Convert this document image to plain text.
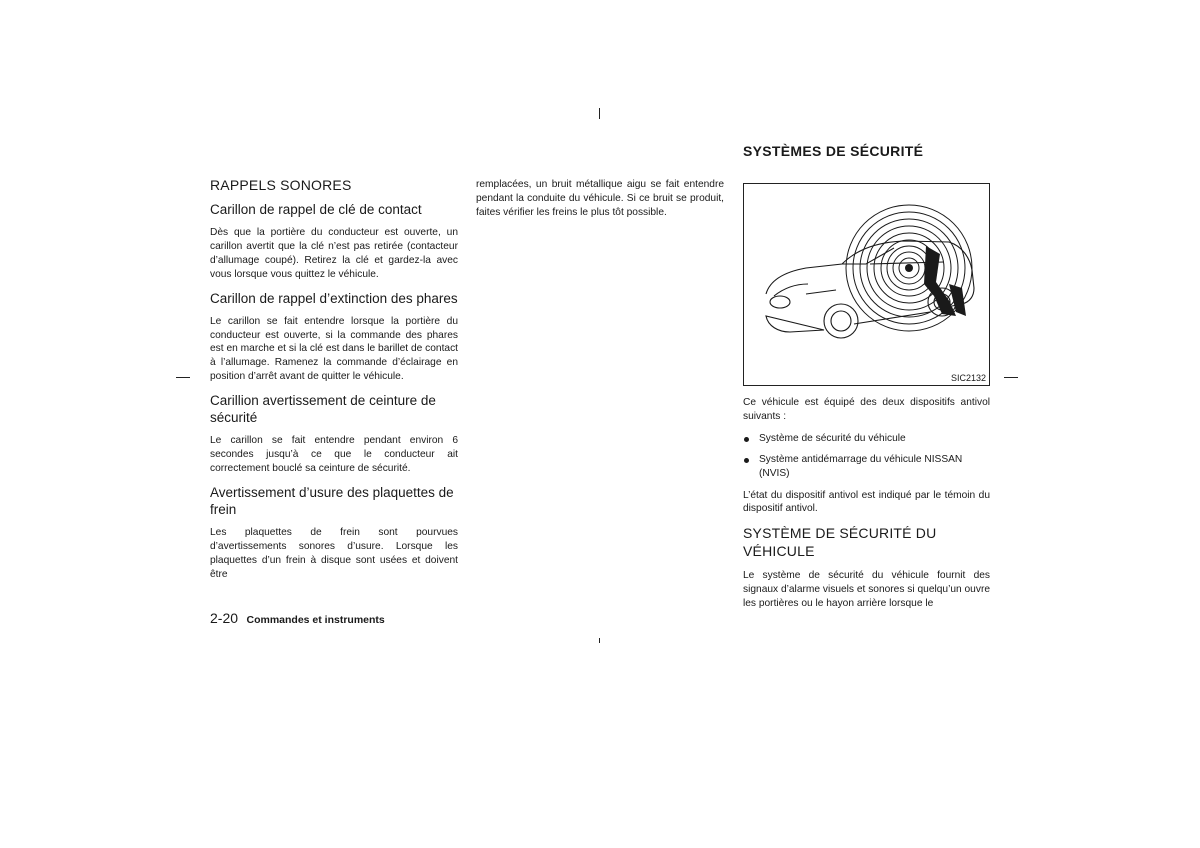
RAPPELS SONORES
Carillon de rappel de clé de contact

Dès que la portière du conducteur est ouverte, un carillon avertit que la clé n’est pas retirée (contacteur d’allumage coupé). Retirez la clé et gardez-la avec vous lorsque vous quittez le véhicule.

Carillon de rappel d’extinction des phares

Le carillon se fait entendre lorsque la portière du conducteur est ouverte, si la commande des phares est en marche et si la clé est dans le barillet de contact à l’allumage. Ramenez la commande d’éclairage en position d’arrêt avant de quitter le véhicule.

Carillion avertissement de ceinture de sécurité

Le carillon se fait entendre pendant environ 6 secondes jusqu’à ce que le conducteur ait correctement bouclé sa ceinture de sécurité.

Avertissement d’usure des plaquettes de frein

Les plaquettes de frein sont pourvues d’avertissements sonores d’usure. Lorsque les plaquettes d’un frein à disque sont usées et doivent être

remplacées, un bruit métallique aigu se fait entendre pendant la conduite du véhicule. Si ce bruit se produit, faites vérifier les freins le plus tôt possible.

SYSTÈMES DE SÉCURITÉ
SIC2132

Ce véhicule est équipé des deux dispositifs antivol suivants :

Système de sécurité du véhicule
Système antidémarrage du véhicule NISSAN (NVIS)

L’état du dispositif antivol est indiqué par le témoin du dispositif antivol.

SYSTÈME DE SÉCURITÉ DU VÉHICULE

Le système de sécurité du véhicule fournit des signaux d’alarme visuels et sonores si quelqu’un ouvre les portières ou le hayon arrière lorsque le

2-20 Commandes et instruments
